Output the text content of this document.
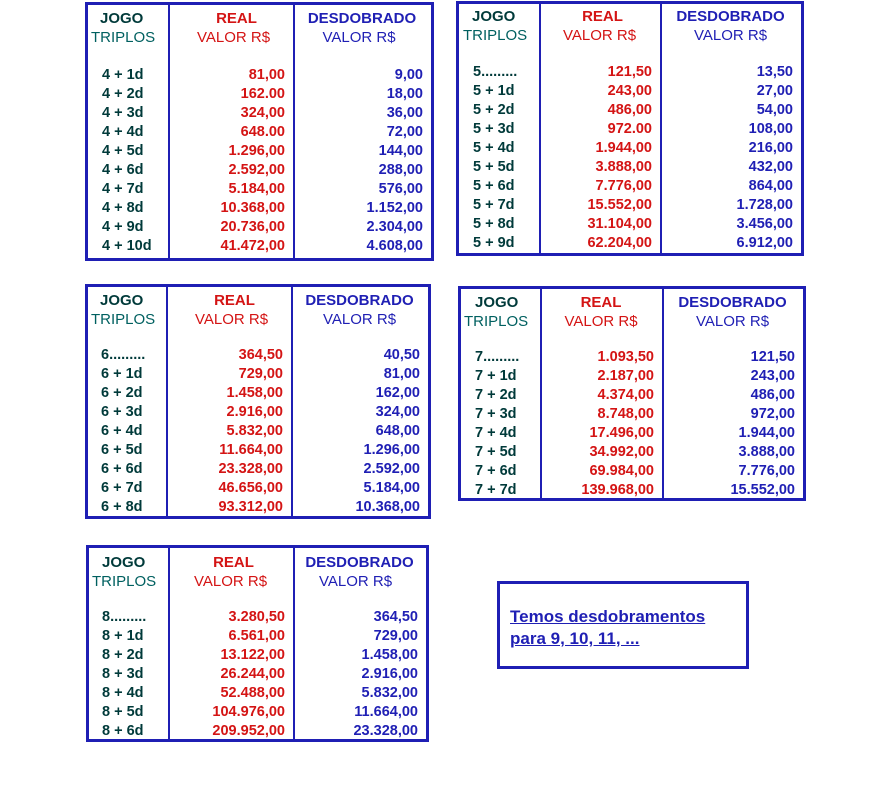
JOGO
TRIPLOS
4 + 1d
4 + 2d
4 + 3d
4 + 4d
4 + 5d
4 + 6d
4 + 7d
4 + 8d
4 + 9d
4 + 10d
REAL
VALOR R$
81,00
162.00
324,00
648.00
1.296,00
2.592,00
5.184,00
10.368,00
20.736,00
41.472,00
DESDOBRADO
VALOR R$
9,00
18,00
36,00
72,00
144,00
288,00
576,00
1.152,00
2.304,00
4.608,00
JOGO
TRIPLOS
5.........
5 + 1d
5 + 2d
5 + 3d
5 + 4d
5 + 5d
5 + 6d
5 + 7d
5 + 8d
5 + 9d
REAL
VALOR R$
121,50
243,00
486,00
972.00
1.944,00
3.888,00
7.776,00
15.552,00
31.104,00
62.204,00
DESDOBRADO
VALOR R$
13,50
27,00
54,00
108,00
216,00
432,00
864,00
1.728,00
3.456,00
6.912,00
JOGO
TRIPLOS
6.........
6 + 1d
6 + 2d
6 + 3d
6 + 4d
6 + 5d
6 + 6d
6 + 7d
6 + 8d
REAL
VALOR R$
364,50
729,00
1.458,00
2.916,00
5.832,00
11.664,00
23.328,00
46.656,00
93.312,00
DESDOBRADO
VALOR R$
40,50
81,00
162,00
324,00
648,00
1.296,00
2.592,00
5.184,00
10.368,00
JOGO
TRIPLOS
7.........
7 + 1d
7 + 2d
7 + 3d
7 + 4d
7 + 5d
7 + 6d
7 + 7d
REAL
VALOR R$
1.093,50
2.187,00
4.374,00
8.748,00
17.496,00
34.992,00
69.984,00
139.968,00
DESDOBRADO
VALOR R$
121,50
243,00
486,00
972,00
1.944,00
3.888,00
7.776,00
15.552,00
JOGO
TRIPLOS
8.........
8 + 1d
8 + 2d
8 + 3d
8 + 4d
8 + 5d
8 + 6d
REAL
VALOR R$
3.280,50
6.561,00
13.122,00
26.244,00
52.488,00
104.976,00
209.952,00
DESDOBRADO
VALOR R$
364,50
729,00
1.458,00
2.916,00
5.832,00
11.664,00
23.328,00
Temos desdobramentos
para 9, 10, 11, ...
